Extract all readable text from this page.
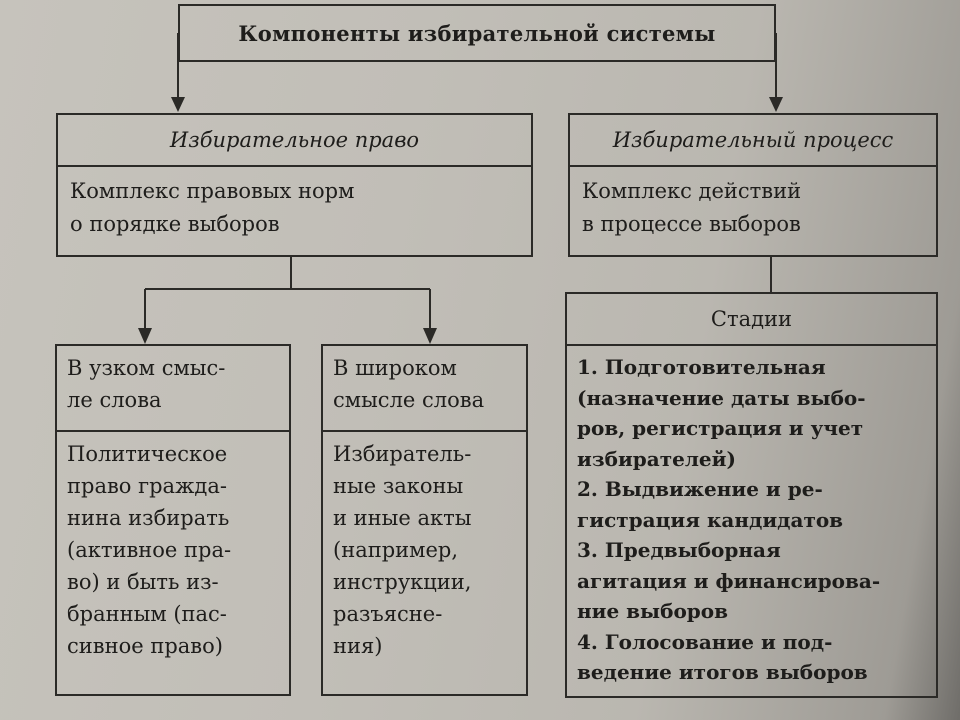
Компоненты избирательной системы
Избирательное право
Комплекс правовых норм
о порядке выборов
Избирательный процесс
Комплекс действий
в процессе выборов
В узком смыс-
ле слова
Политическое
право гражда-
нина избирать
(активное пра-
во) и быть из-
бранным (пас-
сивное право)
В широком
смысле слова
Избиратель-
ные законы
и иные акты
(например,
инструкции,
разъясне-
ния)
Стадии
1. Подготовительная
(назначение даты выбо-
ров, регистрация и учет
избирателей)
2. Выдвижение и ре-
гистрация кандидатов
3. Предвыборная
агитация и финансирова-
ние выборов
4. Голосование и под-
ведение итогов выборов
